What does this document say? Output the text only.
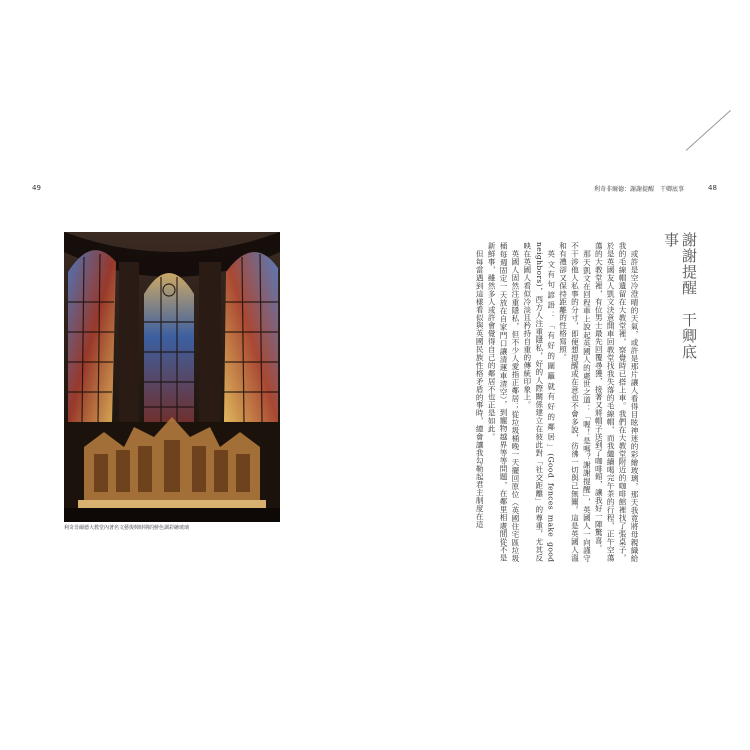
49
利奇非爾德大教堂內著名文藝復興時期的鮮色調彩繪玻璃
利奇非爾德：謝謝提醒　干卿底事	48
謝謝提醒　干卿底事

或許是空冷澄晴的天氣，或許是那片讓人看得目眩神迷的彩繪玻璃，那天我竟將母親織給我的毛線帽遺留在大教堂裡，察覺時已搭上車。我們在大教堂附近的咖啡館裡找了張桌子，於是英國友人凱文決意開車回教堂找我失落的毛線帽，而我繼續喝完午茶的行程，正午空蕩蕩的大教堂裡，有位男士最先回覆尋獲，接著又將帽子送到了咖啡館，讓我好一陣驚喜。

那天凱文在回程車上說起英國人的處世之道：「喔！是嗎？謝謝提醒」，英國人一向謹守不干涉他人私事的分寸，即便想提醒或在意也不會多說，彷彿一切與己無關。這是英國人溫和有禮卻又保持距離的性格寫照。

英文有句諺語：「有好的圍籬就有好的鄰居」(Good fences make good neighbors)，西方人注重隱私，好的人際關係建立在彼此對「社交距離」的尊重，尤其反映在英國人看似冷淡且矜持自重的傳統印象上。

英國人固然注重隱私，但不少人愛指正鄰居；從垃圾桶晚一天擺回原位（英國住宅區垃圾桶每週固定一天放在自家門口讓清運車清空），到寵物越界等等問題，在鄰里相處間從不是新鮮事，雖然多人或許會覺得自己的鄰居不也正是如此。

但每當遇到這樣看似與英國民族性格矛盾的事時，總會讓我勾勒起君主制度在這
